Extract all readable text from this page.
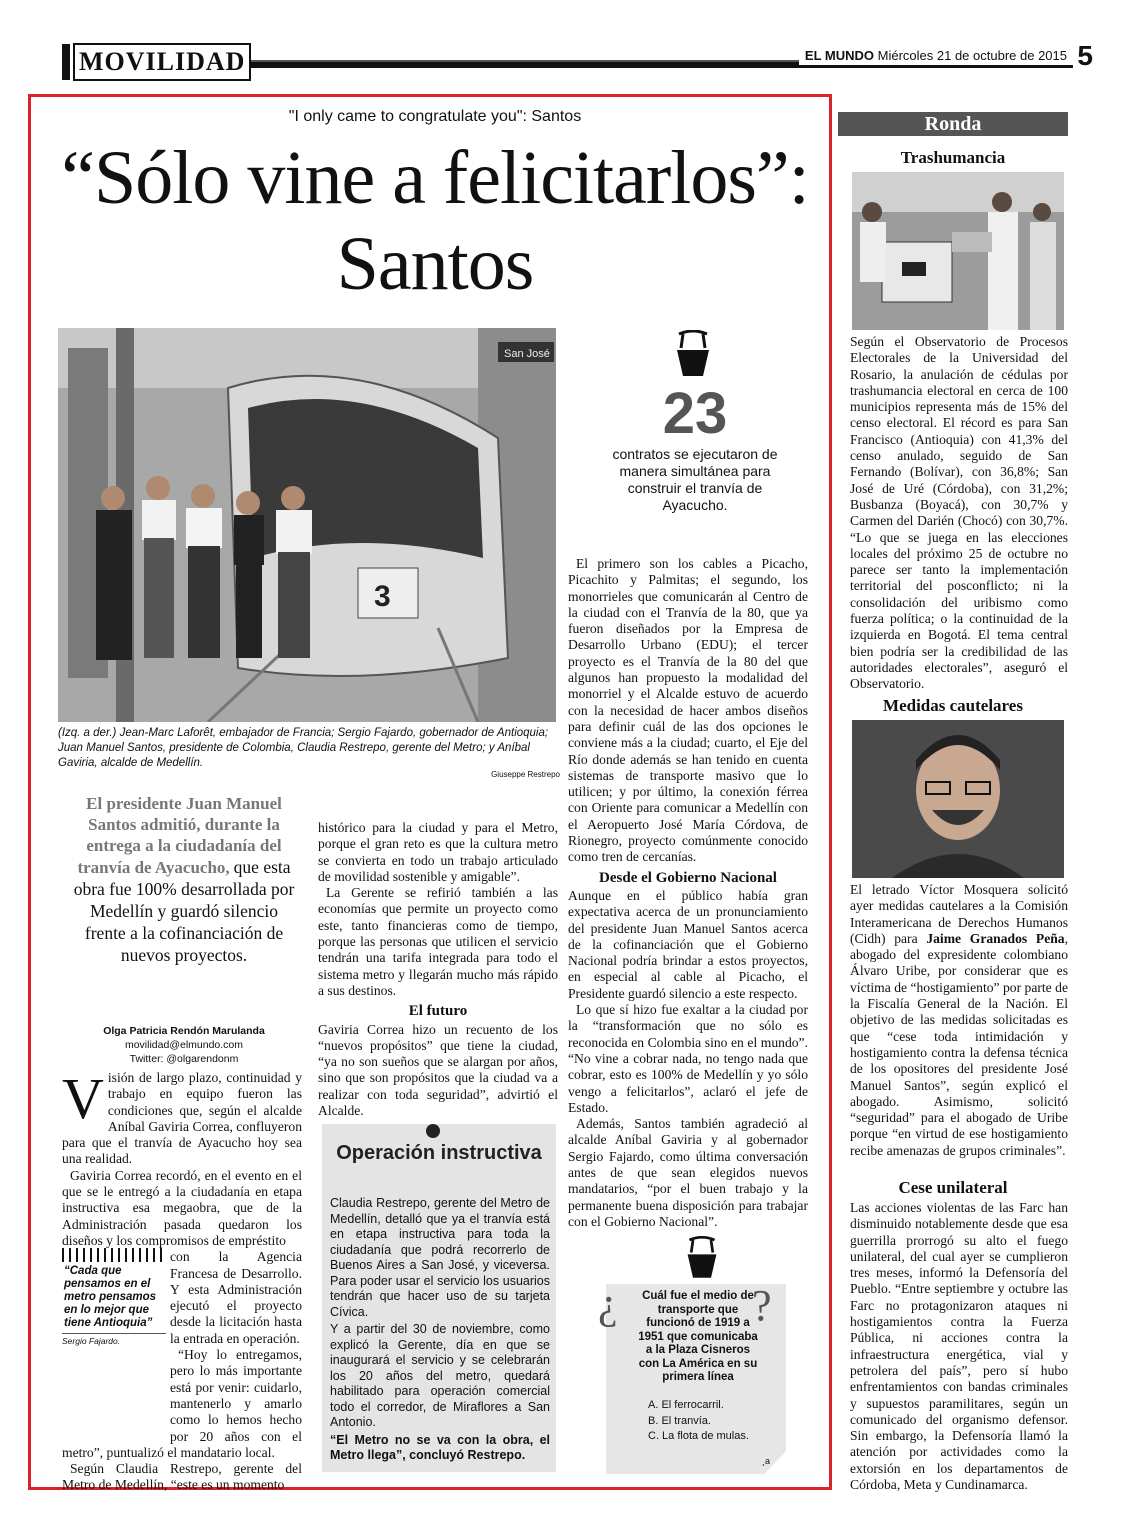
MOVILIDAD	EL MUNDO Miércoles 21 de octubre de 2015 5
"I only came to congratulate you": Santos
“Sólo vine a felicitarlos”: Santos
San José
3
(Izq. a der.) Jean-Marc Laforêt, embajador de Francia; Sergio Fajardo, gobernador de Antioquia; Juan Manuel Santos, presidente de Colombia, Claudia Restrepo, gerente del Metro; y Aníbal Gaviria, alcalde de Medellín.
Giuseppe Restrepo
23
contratos se ejecutaron de manera simultánea para construir el tranvía de Ayacucho.
El presidente Juan Manuel Santos admitió, durante la entrega a la ciudadanía del tranvía de Ayacucho, que esta obra fue 100% desarrollada por Medellín y guardó silencio frente a la cofinanciación de nuevos proyectos.
Olga Patricia Rendón Marulanda
movilidad@elmundo.com
Twitter: @olgarendonm

Visión de largo plazo, continuidad y trabajo en equipo fueron las condiciones que, según el alcalde Aníbal Gaviria Correa, confluyeron para que el tranvía de Ayacucho hoy sea una realidad.

Gaviria Correa recordó, en el evento en el que se le entregó a la ciudadanía en etapa instructiva esa megaobra, que de la Administración pasada quedaron los diseños y los compromisos de empréstito

con la Agencia Francesa de Desarrollo. Y esta Administración ejecutó el proyecto desde la licitación hasta la entrada en operación.

“Hoy lo entregamos, pero lo más importante está por venir: cuidarlo, mantenerlo y amarlo como lo hemos hecho por 20 años con el metro”, puntualizó el mandatario local.

Según Claudia Restrepo, gerente del Metro de Medellín, “este es un momento

“Cada que pensamos en el metro pensamos en lo mejor que tiene Antioquia”
Sergio Fajardo.

histórico para la ciudad y para el Metro, porque el gran reto es que la cultura metro se convierta en todo un trabajo articulado de movilidad sostenible y amigable”.

La Gerente se refirió también a las economías que permite un proyecto como este, tanto financieras como de tiempo, porque las personas que utilicen el servicio tendrán una tarifa integrada para todo el sistema metro y llegarán mucho más rápido a sus destinos.

El futuro

Gaviria Correa hizo un recuento de los “nuevos propósitos” que tiene la ciudad, “ya no son sueños que se alargan por años, sino que son propósitos que la ciudad va a realizar con toda seguridad”, advirtió el Alcalde.

Operación instructiva

Claudia Restrepo, gerente del Metro de Medellín, detalló que ya el tranvía está en etapa instructiva para toda la ciudadanía que podrá recorrerlo de Buenos Aires a San José, y viceversa. Para poder usar el servicio los usuarios tendrán que hacer uso de su tarjeta Cívica.

Y a partir del 30 de noviembre, como explicó la Gerente, día en que se inaugurará el servicio y se celebrarán los 20 años del metro, quedará habilitado para operación comercial todo el corredor, de Miraflores a San Antonio.

“El Metro no se va con la obra, el Metro llega”, concluyó Restrepo.

El primero son los cables a Picacho, Picachito y Palmitas; el segundo, los monorrieles que comunicarán al Centro de la ciudad con el Tranvía de la 80, que ya fueron diseñados por la Empresa de Desarrollo Urbano (EDU); el tercer proyecto es el Tranvía de la 80 del que algunos han propuesto la modalidad del monorriel y el Alcalde estuvo de acuerdo con la necesidad de hacer ambos diseños para definir cuál de las dos opciones le conviene más a la ciudad; cuarto, el Eje del Río donde además se han tenido en cuenta sistemas de transporte masivo que lo utilicen; y por último, la conexión férrea con Oriente para comunicar a Medellín con el Aeropuerto José María Córdova, de Rionegro, proyecto comúnmente conocido como tren de cercanías.

Desde el Gobierno Nacional

Aunque en el público había gran expectativa acerca de un pronunciamiento del presidente Juan Manuel Santos acerca de la cofinanciación que el Gobierno Nacional podría brindar a estos proyectos, en especial al cable al Picacho, el Presidente guardó silencio a este respecto.

Lo que sí hizo fue exaltar a la ciudad por la “transformación que no sólo es reconocida en Colombia sino en el mundo”. “No vine a cobrar nada, no tengo nada que cobrar, esto es 100% de Medellín y yo sólo vengo a felicitarlos”, aclaró el jefe de Estado.

Además, Santos también agradeció al alcalde Aníbal Gaviria y al gobernador Sergio Fajardo, como última conversación antes de que sean elegidos nuevos mandatarios, “por el buen trabajo y la permanente buena disposición para trabajar con el Gobierno Nacional”.

¿	?
Cuál fue el medio de transporte que funcionó de 1919 a 1951 que comunicaba a la Plaza Cisneros con La América en su primera línea
A. El ferrocarril.
B. El tranvía.
C. La flota de mulas.
¸a
Ronda
Trashumancia

Según el Observatorio de Procesos Electorales de la Universidad del Rosario, la anulación de cédulas por trashumancia electoral en cerca de 100 municipios representa más de 15% del censo electoral. El récord es para San Francisco (Antioquia) con 41,3% del censo anulado, seguido de San Fernando (Bolívar), con 36,8%; San José de Uré (Córdoba), con 31,2%; Busbanza (Boyacá), con 30,7% y Carmen del Darién (Chocó) con 30,7%. “Lo que se juega en las elecciones locales del próximo 25 de octubre no parece ser tanto la implementación territorial del posconflicto; ni la consolidación del uribismo como fuerza política; o la continuidad de la izquierda en Bogotá. El tema central bien podría ser la credibilidad de las autoridades electorales”, aseguró el Observatorio.

Medidas cautelares

El letrado Víctor Mosquera solicitó ayer medidas cautelares a la Comisión Interamericana de Derechos Humanos (Cidh) para Jaime Granados Peña, abogado del expresidente colombiano Álvaro Uribe, por considerar que es víctima de “hostigamiento” por parte de la Fiscalía General de la Nación. El objetivo de las medidas solicitadas es que “cese toda intimidación y hostigamiento contra la defensa técnica de los opositores del presidente José Manuel Santos”, según explicó el abogado. Asimismo, solicitó “seguridad” para el abogado de Uribe porque “en virtud de ese hostigamiento recibe amenazas de grupos criminales”.

Cese unilateral

Las acciones violentas de las Farc han disminuido notablemente desde que esa guerrilla prorrogó su alto el fuego unilateral, del cual ayer se cumplieron tres meses, informó la Defensoría del Pueblo. “Entre septiembre y octubre las Farc no protagonizaron ataques ni hostigamientos contra la Fuerza Pública, ni acciones contra la infraestructura energética, vial y petrolera del país”, pero sí hubo enfrentamientos con bandas criminales y supuestos paramilitares, según un comunicado del organismo defensor. Sin embargo, la Defensoría llamó la atención por actividades como la extorsión en los departamentos de Córdoba, Meta y Cundinamarca.
